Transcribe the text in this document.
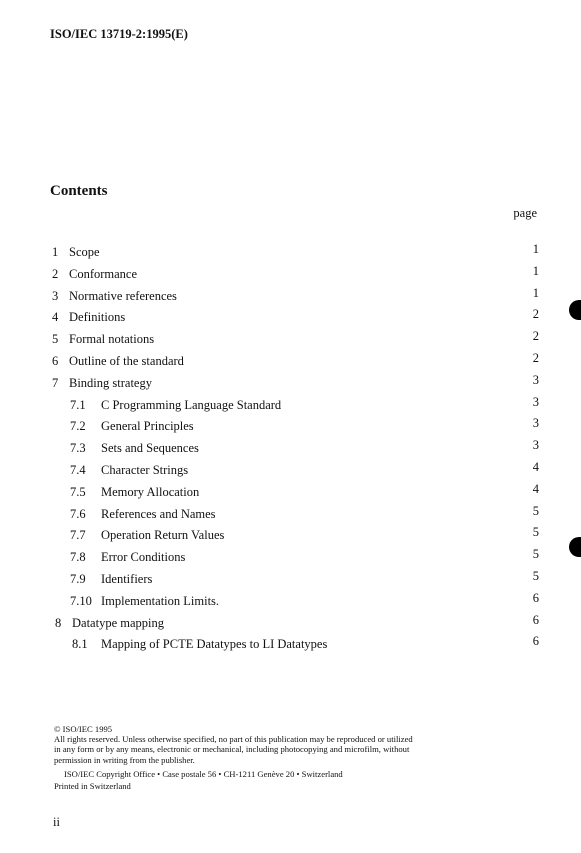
ISO/IEC 13719-2:1995(E)
Contents
page
1 Scope	1
2 Conformance	1
3 Normative references	1
4 Definitions	2
5 Formal notations	2
6 Outline of the standard	2
7 Binding strategy	3
7.1 C Programming Language Standard	3
7.2 General Principles	3
7.3 Sets and Sequences	3
7.4 Character Strings	4
7.5 Memory Allocation	4
7.6 References and Names	5
7.7 Operation Return Values	5
7.8 Error Conditions	5
7.9 Identifiers	5
7.10 Implementation Limits.	6
8 Datatype mapping	6
8.1 Mapping of PCTE Datatypes to LI Datatypes	6

© ISO/IEC 1995

All rights reserved. Unless otherwise specified, no part of this publication may be reproduced or utilized in any form or by any means, electronic or mechanical, including photocopying and microfilm, without permission in writing from the publisher.

ISO/IEC Copyright Office • Case postale 56 • CH-1211 Genève 20 • Switzerland

Printed in Switzerland
ii
